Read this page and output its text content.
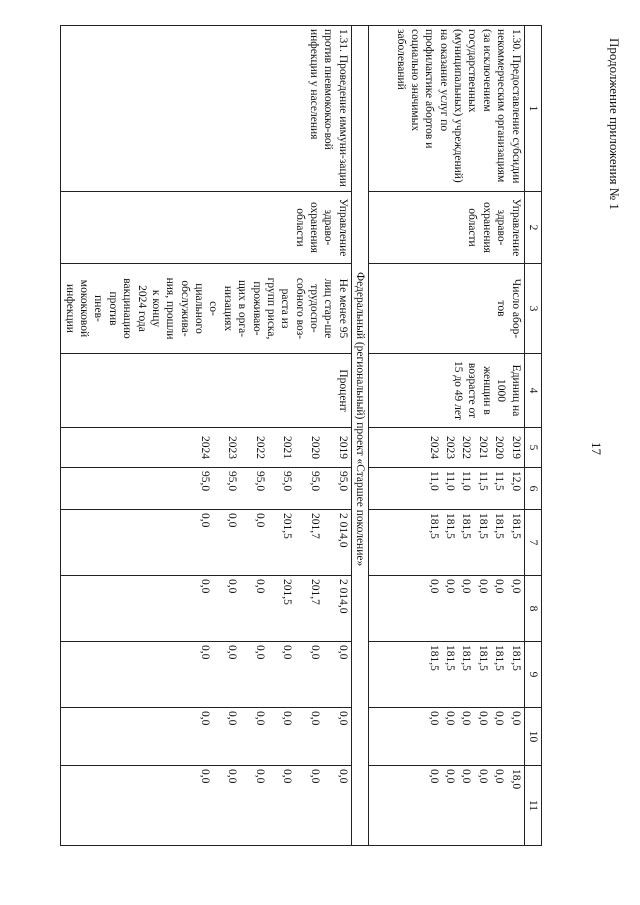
Продолжение приложения № 1
17
1	2	3	4	5	6	7	8	9	10	11
1.30. Предоставление субсидии некоммерческим организациям (за исключением государственных (муниципальных) учреждений) на оказание услуг по профилактике абортов и социально значимых заболеваний	Управление здраво-охранения области	Число абор-тов	Единиц на 1000 женщин в возрасте от 15 до 49 лет	2019	12,0	181,5	0,0	181,5	0,0	18,0
				2020	11,5	181,5	0,0	181,5	0,0	0,0
				2021	11,5	181,5	0,0	181,5	0,0	0,0
				2022	11,0	181,5	0,0	181,5	0,0	0,0
				2023	11,0	181,5	0,0	181,5	0,0	0,0
				2024	11,0	181,5	0,0	181,5	0,0	0,0
Федеральный (региональный) проект «Старшее поколение»										
1.31. Проведение иммуни-зации против пневмококко-вой инфекции у населения	Управление здраво-охранения области	Не менее 95 лиц стар-ше трудоспо-собного воз-раста из групп риска, проживаю-щих в орга-низациях со-циального обслужива-ния, прошли к концу 2024 года вакцинацию против пнев-мококковой инфекции	Процент	2019	95,0	2 014,0	2 014,0	0,0	0,0	0,0
				2020	95,0	201,7	201,7	0,0	0,0	0,0
				2021	95,0	201,5	201,5	0,0	0,0	0,0
				2022	95,0	0,0	0,0	0,0	0,0	0,0
				2023	95,0	0,0	0,0	0,0	0,0	0,0
				2024	95,0	0,0	0,0	0,0	0,0	0,0
